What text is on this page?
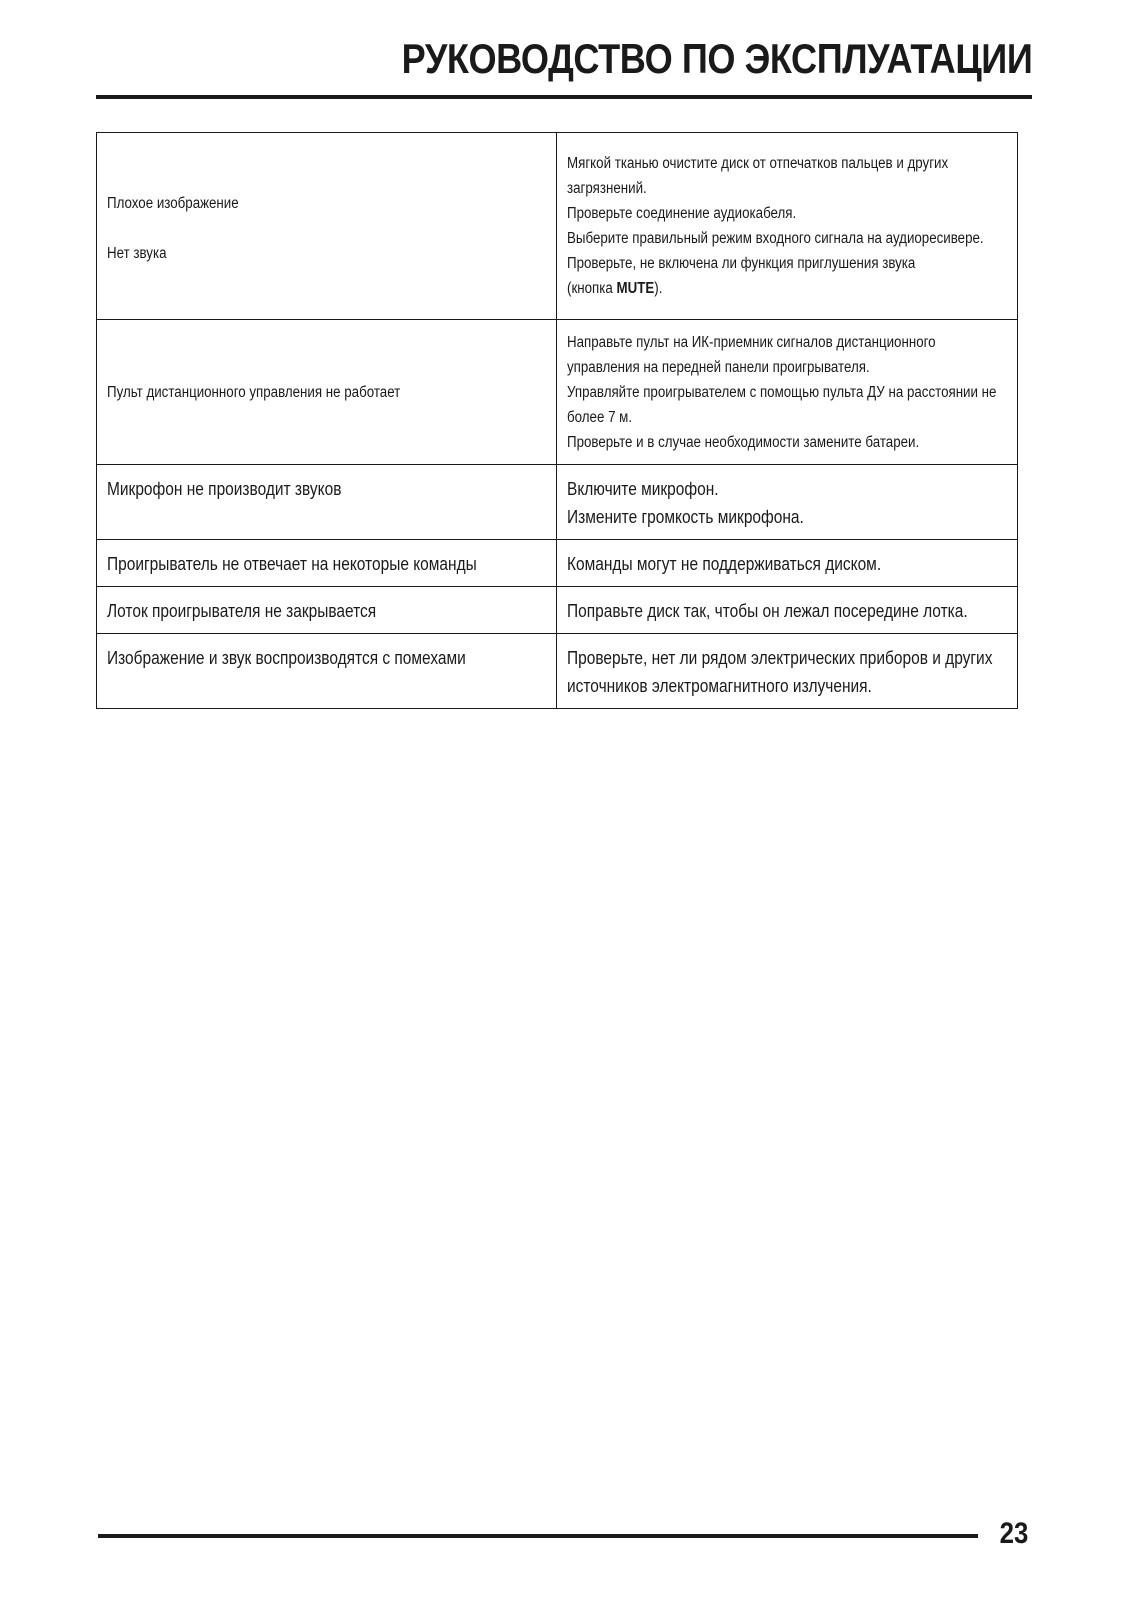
РУКОВОДСТВО ПО ЭКСПЛУАТАЦИИ
Плохое изображение
Нет звука	Мягкой тканью очистите диск от отпечатков пальцев и других загрязнений.
Проверьте соединение аудиокабеля.
Выберите правильный режим входного сигнала на аудиоресивере.
Проверьте, не включена ли функция приглушения звука
(кнопка MUTE).

Пульт дистанционного управления не работает	Направьте пульт на ИК-приемник сигналов дистанционного управления на передней панели проигрывателя.
Управляйте проигрывателем с помощью пульта ДУ на расстоянии не более 7 м.
Проверьте и в случае необходимости замените батареи.

Микрофон не производит звуков	Включите микрофон.
Измените громкость микрофона.

Проигрыватель не отвечает на некоторые команды	Команды могут не поддерживаться диском.

Лоток проигрывателя не закрывается	Поправьте диск так, чтобы он лежал посередине лотка.

Изображение и звук воспроизводятся с помехами	Проверьте, нет ли рядом электрических приборов и других источников электромагнитного излучения.
23
